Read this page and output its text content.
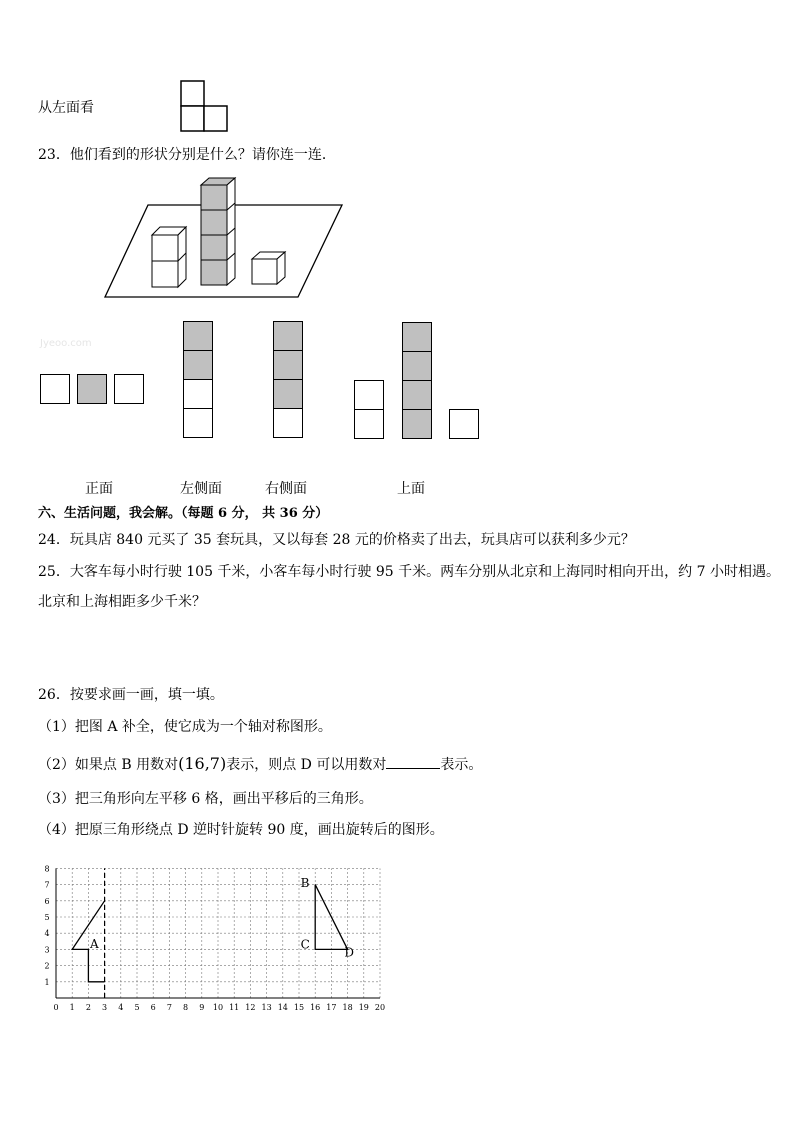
从左面看
23．他们看到的形状分别是什么？请你连一连．
Jyeoo.com
正面	左侧面	右侧面	上面
六、生活问题，我会解。（每题 6 分， 共 36 分）
24．玩具店 840 元买了 35 套玩具，又以每套 28 元的价格卖了出去，玩具店可以获利多少元？
25．大客车每小时行驶 105 千米，小客车每小时行驶 95 千米。两车分别从北京和上海同时相向开出，约 7 小时相遇。
北京和上海相距多少千米？
26．按要求画一画，填一填。
（1）把图 A 补全，使它成为一个轴对称图形。
（2）如果点 B 用数对(16,7)表示，则点 D 可以用数对	表示。
（3）把三角形向左平移 6 格，画出平移后的三角形。
（4）把原三角形绕点 D 逆时针旋转 90 度，画出旋转后的图形。
0 1 2 3 4 5 6 7 8 9 10 11 12 13 14 15 16 17 18 19 20
1
2
3
4
5
6
7
8
A
B
C
D
